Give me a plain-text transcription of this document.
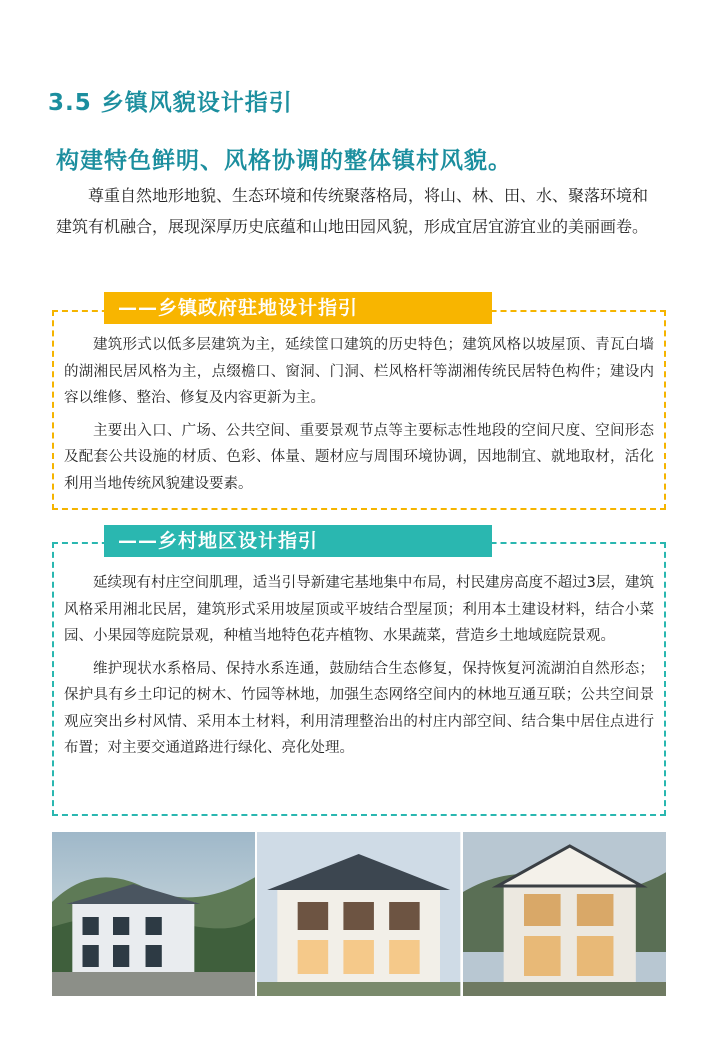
3.5 乡镇风貌设计指引
构建特色鲜明、风格协调的整体镇村风貌。

尊重自然地形地貌、生态环境和传统聚落格局，将山、林、田、水、聚落环境和建筑有机融合，展现深厚历史底蕴和山地田园风貌，形成宜居宜游宜业的美丽画卷。

建筑形式以低多层建筑为主，延续筐口建筑的历史特色；建筑风格以坡屋顶、青瓦白墙的湖湘民居风格为主，点缀檐口、窗洞、门洞、栏风格杆等湖湘传统民居特色构件；建设内容以维修、整治、修复及内容更新为主。

主要出入口、广场、公共空间、重要景观节点等主要标志性地段的空间尺度、空间形态及配套公共设施的材质、色彩、体量、题材应与周围环境协调，因地制宜、就地取材，活化利用当地传统风貌建设要素。

——乡镇政府驻地设计指引

延续现有村庄空间肌理，适当引导新建宅基地集中布局，村民建房高度不超过3层，建筑风格采用湘北民居，建筑形式采用坡屋顶或平坡结合型屋顶；利用本土建设材料，结合小菜园、小果园等庭院景观，种植当地特色花卉植物、水果蔬菜，营造乡土地域庭院景观。

维护现状水系格局、保持水系连通，鼓励结合生态修复，保持恢复河流湖泊自然形态；保护具有乡土印记的树木、竹园等林地，加强生态网络空间内的林地互通互联；公共空间景观应突出乡村风情、采用本土材料，利用清理整治出的村庄内部空间、结合集中居住点进行布置；对主要交通道路进行绿化、亮化处理。

——乡村地区设计指引
